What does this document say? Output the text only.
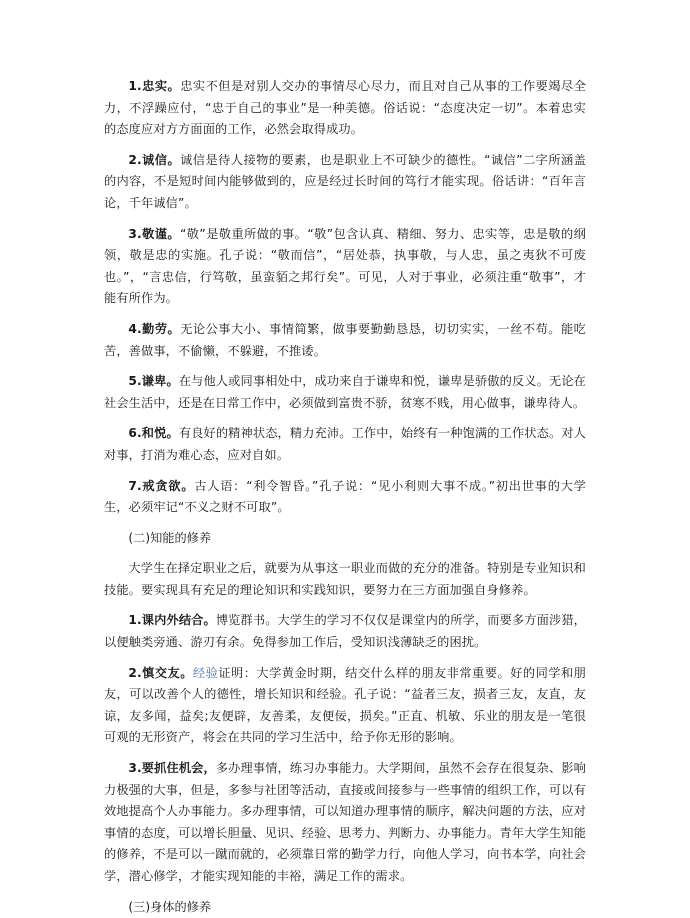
1.忠实。忠实不但是对别人交办的事情尽心尽力，而且对自己从事的工作要竭尽全力，不浮躁应付，“忠于自己的事业”是一种美德。俗话说：“态度决定一切”。本着忠实的态度应对方方面面的工作，必然会取得成功。

2.诚信。诚信是待人接物的要素，也是职业上不可缺少的德性。“诚信”二字所涵盖的内容，不是短时间内能够做到的，应是经过长时间的笃行才能实现。俗话讲：“百年言论，千年诚信”。

3.敬谨。“敬”是敬重所做的事。“敬”包含认真、精细、努力、忠实等，忠是敬的纲领，敬是忠的实施。孔子说：“敬而信”，“居处恭，执事敬，与人忠，虽之夷狄不可废也。”，“言忠信，行笃敬，虽蛮貊之邦行矣”。可见，人对于事业，必须注重“敬事”，才能有所作为。

4.勤劳。无论公事大小、事情简繁，做事要勤勤恳恳，切切实实，一丝不苟。能吃苦，善做事，不偷懒，不躲避，不推诿。

5.谦卑。在与他人或同事相处中，成功来自于谦卑和悦，谦卑是骄傲的反义。无论在社会生活中，还是在日常工作中，必须做到富贵不骄，贫寒不贱，用心做事，谦卑待人。

6.和悦。有良好的精神状态，精力充沛。工作中，始终有一种饱满的工作状态。对人对事，打消为难心态，应对自如。

7.戒贪欲。古人语：“利令智昏。”孔子说：“见小利则大事不成。”初出世事的大学生，必须牢记“不义之财不可取”。

(二)知能的修养

大学生在择定职业之后，就要为从事这一职业而做的充分的准备。特别是专业知识和技能。要实现具有充足的理论知识和实践知识，要努力在三方面加强自身修养。

1.课内外结合。博览群书。大学生的学习不仅仅是课堂内的所学，而要多方面涉猎，以便触类旁通、游刃有余。免得参加工作后，受知识浅薄缺乏的困扰。

2.慎交友。经验证明：大学黄金时期，结交什么样的朋友非常重要。好的同学和朋友，可以改善个人的德性，增长知识和经验。孔子说：“益者三友，损者三友，友直，友谅，友多闻，益矣;友便辟，友善柔，友便佞，损矣。”正直、机敏、乐业的朋友是一笔很可观的无形资产，将会在共同的学习生活中，给予你无形的影响。

3.要抓住机会，多办理事情，练习办事能力。大学期间，虽然不会存在很复杂、影响力极强的大事，但是，多参与社团等活动，直接或间接参与一些事情的组织工作，可以有效地提高个人办事能力。多办理事情，可以知道办理事情的顺序，解决问题的方法，应对事情的态度，可以增长胆量、见识、经验、思考力、判断力、办事能力。青年大学生知能的修养，不是可以一蹴而就的，必须靠日常的勤学力行，向他人学习，向书本学，向社会学，潜心修学，才能实现知能的丰裕，满足工作的需求。

(三)身体的修养
